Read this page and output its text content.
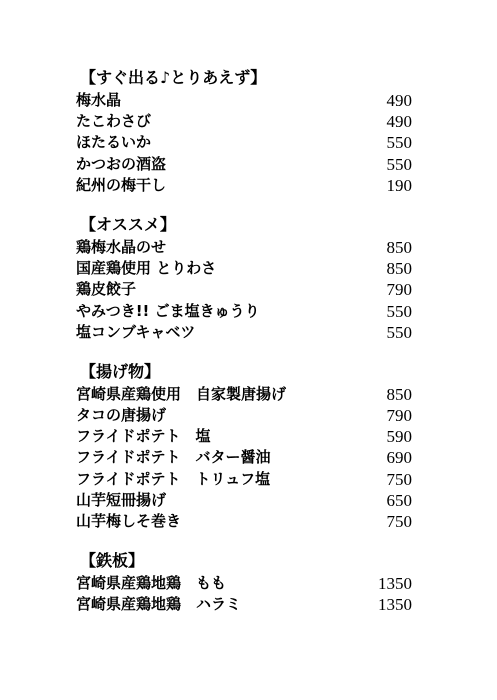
【すぐ出る♪とりあえず】
梅水晶	490
たこわさび	490
ほたるいか	550
かつおの酒盗	550
紀州の梅干し	190
【オススメ】
鶏梅水晶のせ	850
国産鶏使用 とりわさ	850
鶏皮餃子	790
やみつき!! ごま塩きゅうり	550
塩コンブキャベツ	550
【揚げ物】
宮崎県産鶏使用　自家製唐揚げ	850
タコの唐揚げ	790
フライドポテト　塩	590
フライドポテト　バター醤油	690
フライドポテト　トリュフ塩	750
山芋短冊揚げ	650
山芋梅しそ巻き	750
【鉄板】
宮崎県産鶏地鶏　もも	1350
宮崎県産鶏地鶏　ハラミ	1350
